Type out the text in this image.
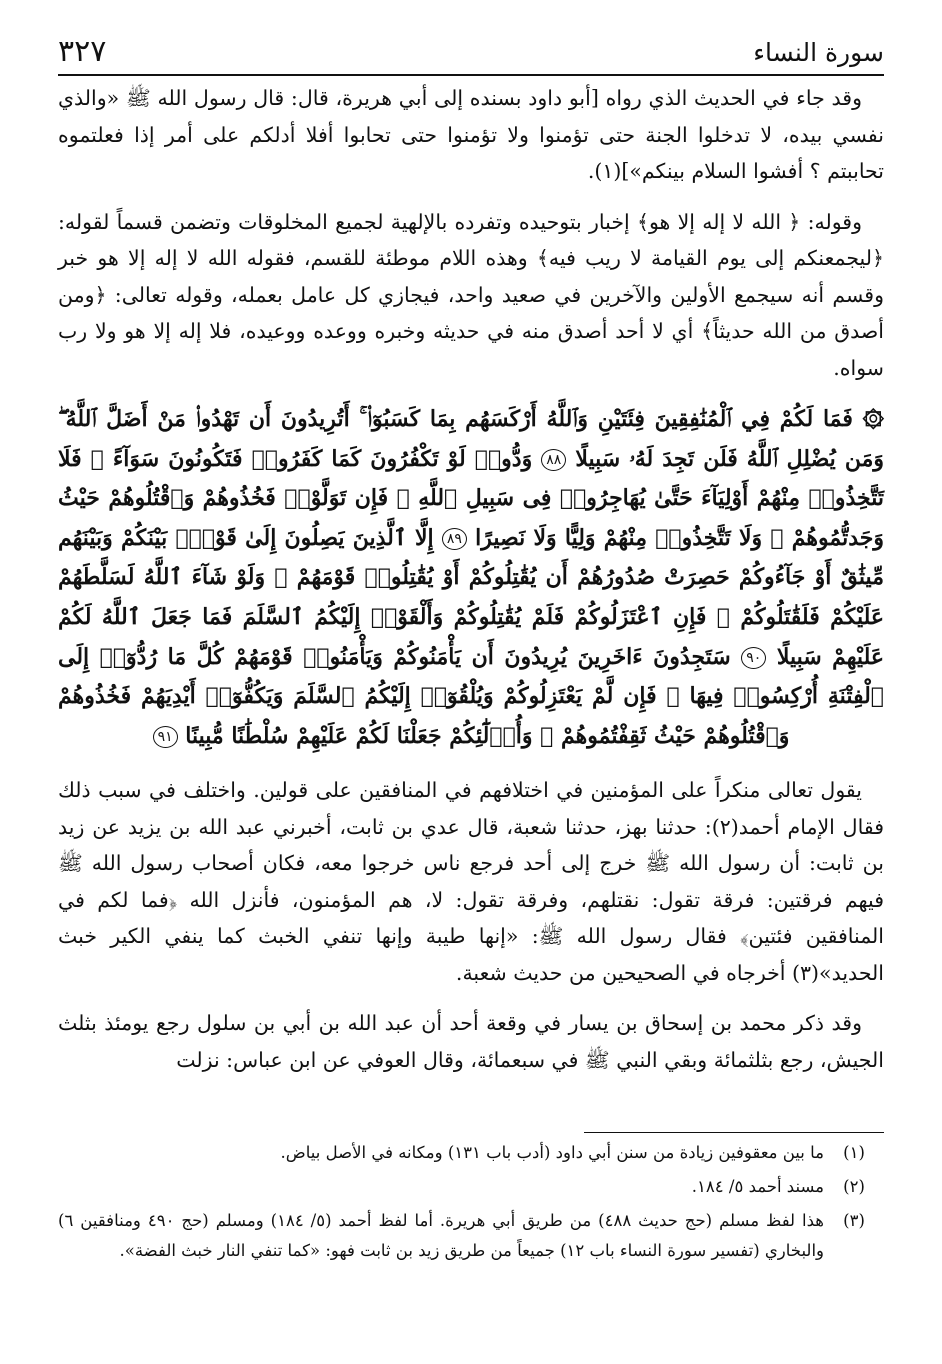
سورة النساء
٣٢٧

وقد جاء في الحديث الذي رواه [أبو داود بسنده إلى أبي هريرة، قال: قال رسول الله ﷺ «والذي نفسي بيده، لا تدخلوا الجنة حتى تؤمنوا ولا تؤمنوا حتى تحابوا أفلا أدلكم على أمر إذا فعلتموه تحاببتم ؟ أفشوا السلام بينكم»](١).

وقوله: ﴿ الله لا إله إلا هو﴾ إخبار بتوحيده وتفرده بالإلهية لجميع المخلوقات وتضمن قسماً لقوله: ﴿ليجمعنكم إلى يوم القيامة لا ريب فيه﴾ وهذه اللام موطئة للقسم، فقوله الله لا إله إلا هو خبر وقسم أنه سيجمع الأولين والآخرين في صعيد واحد، فيجازي كل عامل بعمله، وقوله تعالى: ﴿ومن أصدق من الله حديثاً﴾ أي لا أحد أصدق منه في حديثه وخبره ووعده ووعيده، فلا إله إلا هو ولا رب سواه.

۞ فَمَا لَكُمْ فِي ٱلْمُنَٰفِقِينَ فِئَتَيْنِ وَٱللَّهُ أَرْكَسَهُم بِمَا كَسَبُوٓا۟ ۚ أَتُرِيدُونَ أَن تَهْدُوا۟ مَنْ أَضَلَّ ٱللَّهُ ۖ وَمَن يُضْلِلِ ٱللَّهُ فَلَن تَجِدَ لَهُۥ سَبِيلًا ٨٨ وَدُّوا۟ لَوْ تَكْفُرُونَ كَمَا كَفَرُوا۟ فَتَكُونُونَ سَوَآءً ۖ فَلَا تَتَّخِذُوا۟ مِنْهُمْ أَوْلِيَآءَ حَتَّىٰ يُهَاجِرُوا۟ فِى سَبِيلِ ٱللَّهِ ۚ فَإِن تَوَلَّوْا۟ فَخُذُوهُمْ وَٱقْتُلُوهُمْ حَيْثُ وَجَدتُّمُوهُمْ ۖ وَلَا تَتَّخِذُوا۟ مِنْهُمْ وَلِيًّا وَلَا نَصِيرًا ٨٩ إِلَّا ٱلَّذِينَ يَصِلُونَ إِلَىٰ قَوْمٍۭ بَيْنَكُمْ وَبَيْنَهُم مِّيثَٰقٌ أَوْ جَآءُوكُمْ حَصِرَتْ صُدُورُهُمْ أَن يُقَٰتِلُوكُمْ أَوْ يُقَٰتِلُوا۟ قَوْمَهُمْ ۚ وَلَوْ شَآءَ ٱللَّهُ لَسَلَّطَهُمْ عَلَيْكُمْ فَلَقَٰتَلُوكُمْ ۚ فَإِنِ ٱعْتَزَلُوكُمْ فَلَمْ يُقَٰتِلُوكُمْ وَأَلْقَوْا۟ إِلَيْكُمُ ٱلسَّلَمَ فَمَا جَعَلَ ٱللَّهُ لَكُمْ عَلَيْهِمْ سَبِيلًا ٩٠ سَتَجِدُونَ ءَاخَرِينَ يُرِيدُونَ أَن يَأْمَنُوكُمْ وَيَأْمَنُوا۟ قَوْمَهُمْ كُلَّ مَا رُدُّوٓا۟ إِلَى ٱلْفِتْنَةِ أُرْكِسُوا۟ فِيهَا ۚ فَإِن لَّمْ يَعْتَزِلُوكُمْ وَيُلْقُوٓا۟ إِلَيْكُمُ ٱلسَّلَمَ وَيَكُفُّوٓا۟ أَيْدِيَهُمْ فَخُذُوهُمْ وَٱقْتُلُوهُمْ حَيْثُ ثَقِفْتُمُوهُمْ ۚ وَأُو۟لَٰٓئِكُمْ جَعَلْنَا لَكُمْ عَلَيْهِمْ سُلْطَٰنًا مُّبِينًا ٩١

يقول تعالى منكراً على المؤمنين في اختلافهم في المنافقين على قولين. واختلف في سبب ذلك فقال الإمام أحمد(٢): حدثنا بهز، حدثنا شعبة، قال عدي بن ثابت، أخبرني عبد الله بن يزيد عن زيد بن ثابت: أن رسول الله ﷺ خرج إلى أحد فرجع ناس خرجوا معه، فكان أصحاب رسول الله ﷺ فيهم فرقتين: فرقة تقول: نقتلهم، وفرقة تقول: لا، هم المؤمنون، فأنزل الله ﴿فما لكم في المنافقين فئتين﴾ فقال رسول الله ﷺ: «إنها طيبة وإنها تنفي الخبث كما ينفي الكير خبث الحديد»(٣) أخرجاه في الصحيحين من حديث شعبة.

وقد ذكر محمد بن إسحاق بن يسار في وقعة أحد أن عبد الله بن أبي بن سلول رجع يومئذ بثلث الجيش، رجع بثلثمائة وبقي النبي ﷺ في سبعمائة، وقال العوفي عن ابن عباس: نزلت

(١)
ما بين معقوفين زيادة من سنن أبي داود (أدب باب ١٣١) ومكانه في الأصل بياض.
(٢)
مسند أحمد ٥/ ١٨٤.
(٣)
هذا لفظ مسلم (حج حديث ٤٨٨) من طريق أبي هريرة. أما لفظ أحمد (٥/ ١٨٤) ومسلم (حج ٤٩٠ ومنافقين ٦) والبخاري (تفسير سورة النساء باب ١٢) جميعاً من طريق زيد بن ثابت فهو: «كما تنفي النار خبث الفضة».
